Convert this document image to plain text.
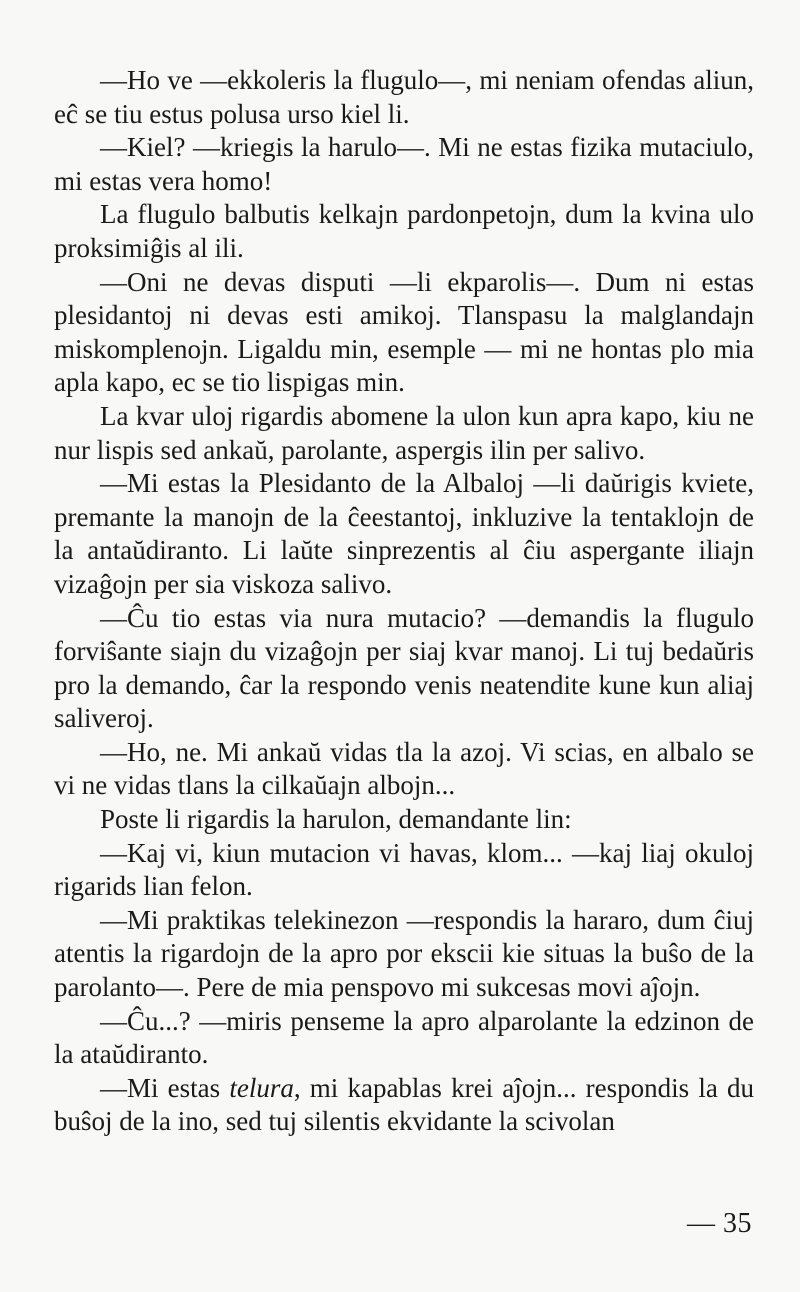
—Ho ve —ekkoleris la flugulo—, mi neniam ofendas aliun, eĉ se tiu estus polusa urso kiel li.

—Kiel? —kriegis la harulo—. Mi ne estas fizika mutaciulo, mi estas vera homo!

La flugulo balbutis kelkajn pardonpetojn, dum la kvina ulo proksimiĝis al ili.

—Oni ne devas disputi —li ekparolis—. Dum ni estas plesidantoj ni devas esti amikoj. Tlanspasu la malglandajn miskomplenojn. Ligaldu min, esemple — mi ne hontas plo mia apla kapo, ec se tio lispigas min.

La kvar uloj rigardis abomene la ulon kun apra kapo, kiu ne nur lispis sed ankaŭ, parolante, aspergis ilin per salivo.

—Mi estas la Plesidanto de la Albaloj —li daŭrigis kviete, premante la manojn de la ĉeestantoj, inkluzive la tentaklojn de la antaŭdiranto. Li laŭte sinprezentis al ĉiu aspergante iliajn vizaĝojn per sia viskoza salivo.

—Ĉu tio estas via nura mutacio? —demandis la flugulo forviŝante siajn du vizaĝojn per siaj kvar manoj. Li tuj bedaŭris pro la demando, ĉar la respondo venis neatendite kune kun aliaj saliveroj.

—Ho, ne. Mi ankaŭ vidas tla la azoj. Vi scias, en albalo se vi ne vidas tlans la cilkaŭajn albojn...

Poste li rigardis la harulon, demandante lin:

—Kaj vi, kiun mutacion vi havas, klom... —kaj liaj okuloj rigarids lian felon.

—Mi praktikas telekinezon —respondis la hararo, dum ĉiuj atentis la rigardojn de la apro por ekscii kie situas la buŝo de la parolanto—. Pere de mia penspovo mi sukcesas movi aĵojn.

—Ĉu...? —miris penseme la apro alparolante la edzinon de la ataŭdiranto.

—Mi estas telura, mi kapablas krei aĵojn... respondis la du buŝoj de la ino, sed tuj silentis ekvidante la scivolan

— 35
